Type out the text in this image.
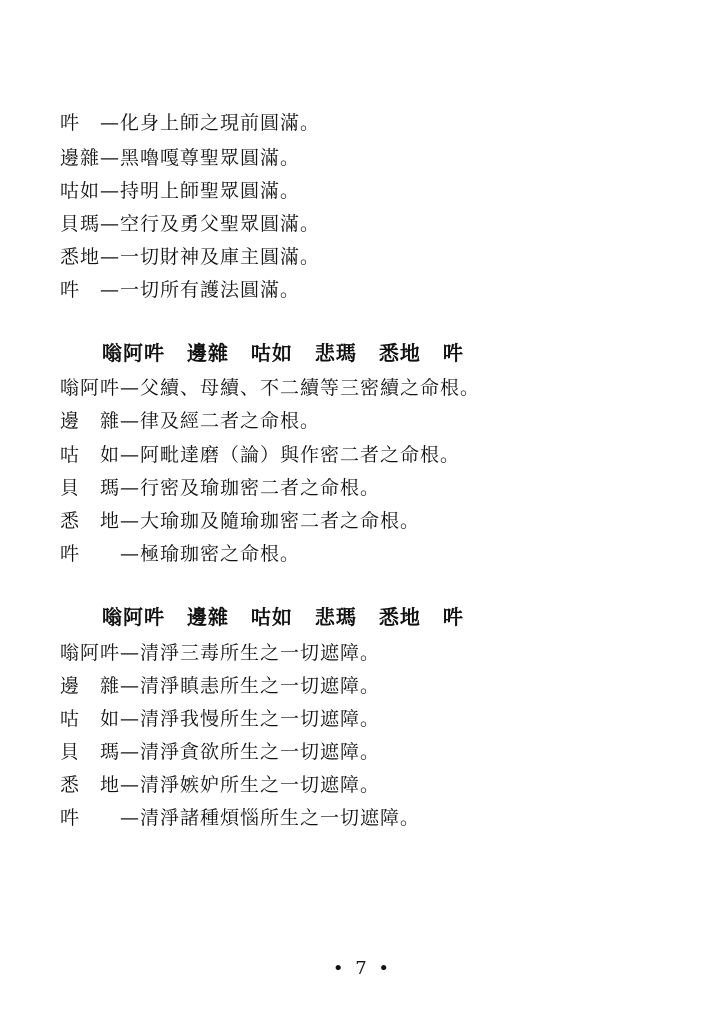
吽　—化身上師之現前圓滿。
邊雜—黑嚕嘎尊聖眾圓滿。
咕如—持明上師聖眾圓滿。
貝瑪—空行及勇父聖眾圓滿。
悉地—一切財神及庫主圓滿。
吽　—一切所有護法圓滿。
嗡阿吽 邊雜 咕如 悲瑪 悉地 吽
嗡阿吽—父續、母續、不二續等三密續之命根。
邊　雜—律及經二者之命根。
咕　如—阿毗達磨（論）與作密二者之命根。
貝　瑪—行密及瑜珈密二者之命根。
悉　地—大瑜珈及隨瑜珈密二者之命根。
吽　　—極瑜珈密之命根。
嗡阿吽 邊雜 咕如 悲瑪 悉地 吽
嗡阿吽—清淨三毒所生之一切遮障。
邊　雜—清淨瞋恚所生之一切遮障。
咕　如—清淨我慢所生之一切遮障。
貝　瑪—清淨貪欲所生之一切遮障。
悉　地—清淨嫉妒所生之一切遮障。
吽　　—清淨諸種煩惱所生之一切遮障。
• 7 •
